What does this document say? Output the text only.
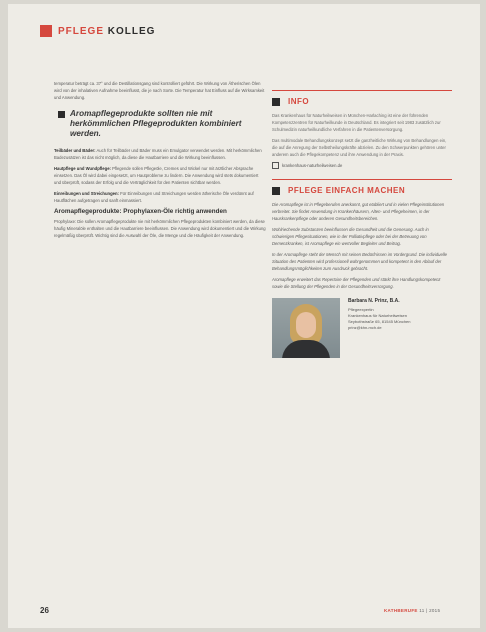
PFLEGE KOLLEG

temperatur beträgt ca. 37° und die Destillationsgang sind kontrolliert geführt. Die Wirkung von Ätherischen Ölen wird von der inhalativen Aufnahme beeinflusst, die je nach Sorte. Die Temperatur hat Einfluss auf die Wirksamkeit und Anwendung.

Aromapflegeprodukte sollten nie mit herkömmlichen Pflegeprodukten kombiniert werden.

Teilbäder und Bäder: Auch für Teilbäder und Bäder muss ein Emulgator verwendet werden. Mit herkömmlichen Badezusätzen ist das nicht möglich, da diese die Hautbarriere und die Wirkung beeinflussen.

Hautpflege und Wundpflege: Pflegende sollen Pflegeöle, Cremes und Wickel nur mit ärztlicher Absprache einsetzen. Das Öl wird dabei eingesetzt, um Hautprobleme zu lindern. Die Anwendung wird stets dokumentiert und überprüft, sodass der Erfolg und die Verträglichkeit für den Patienten sichtbar werden.

Einreibungen und Streichungen: Für Einreibungen und Streichungen werden ätherische Öle verdünnt auf Hautflächen aufgetragen und sanft einmassiert.

Aromapflegeprodukte: Prophylaxen-Öle richtig anwenden

Prophylaxe: Die sollen Aromapflegeprodukte nie mit herkömmlichen Pflegeprodukten kombiniert werden, da diese häufig Mineralöle enthalten und die Hautbarriere beeinflussen. Die Anwendung wird dokumentiert und die Wirkung regelmäßig überprüft. Wichtig sind die Auswahl der Öle, die Menge und die Häufigkeit der Anwendung.

INFO

Das Krankenhaus für Naturheilweisen in München-Harlaching ist eine der führenden Kompetenzzentren für Naturheilkunde in Deutschland. Es integriert seit 1983 zusätzlich zur Schulmedizin naturheilkundliche Verfahren in die Patientenversorgung.

Das multimodale Behandlungskonzept setzt die ganzheitliche Wirkung von Behandlungen ein, die auf die Anregung der Selbstheilungskräfte abzielen. Zu den Schwerpunkten gehören unter anderem auch die Pflegekompetenz und ihre Anwendung in der Praxis.

krankenhaus-naturheilweisen.de
PFLEGE EINFACH MACHEN

Die Aromapflege ist in Pflegeberufen anerkannt, gut etabliert und in vielen Pflegeinstitutionen verbreitet. Sie findet Anwendung in Krankenhäusern, Alten- und Pflegeheimen, in der Hauskrankenpflege oder anderen Gesundheitsbereichen.

Wohlriechende Substanzen beeinflussen die Gesundheit und die Genesung. Auch in schwierigen Pflegesituationen, wie in der Palliativpflege oder bei der Betreuung von Demenzkranken, ist Aromapflege ein wertvoller Begleiter und Beitrag.

In der Aromapflege steht der Mensch mit seinen Bedürfnissen im Vordergrund. Die individuelle Situation des Patienten wird professionell wahrgenommen und kompetent in den Ablauf der Behandlungsmöglichkeiten zum Ausdruck gebracht.

Aromapflege erweitert das Repertoire der Pflegenden und stärkt ihre Handlungskompetenz sowie die Stellung der Pflegenden in der Gesundheitsversorgung.

Barbara N. Prinz, B.A.
Pflegeexpertin
Krankenhaus für Naturheilweisen
Seybothstraße 65, 81545 München
prinz@khn-mch.de
26	KATHBERUFE 11 | 2015
